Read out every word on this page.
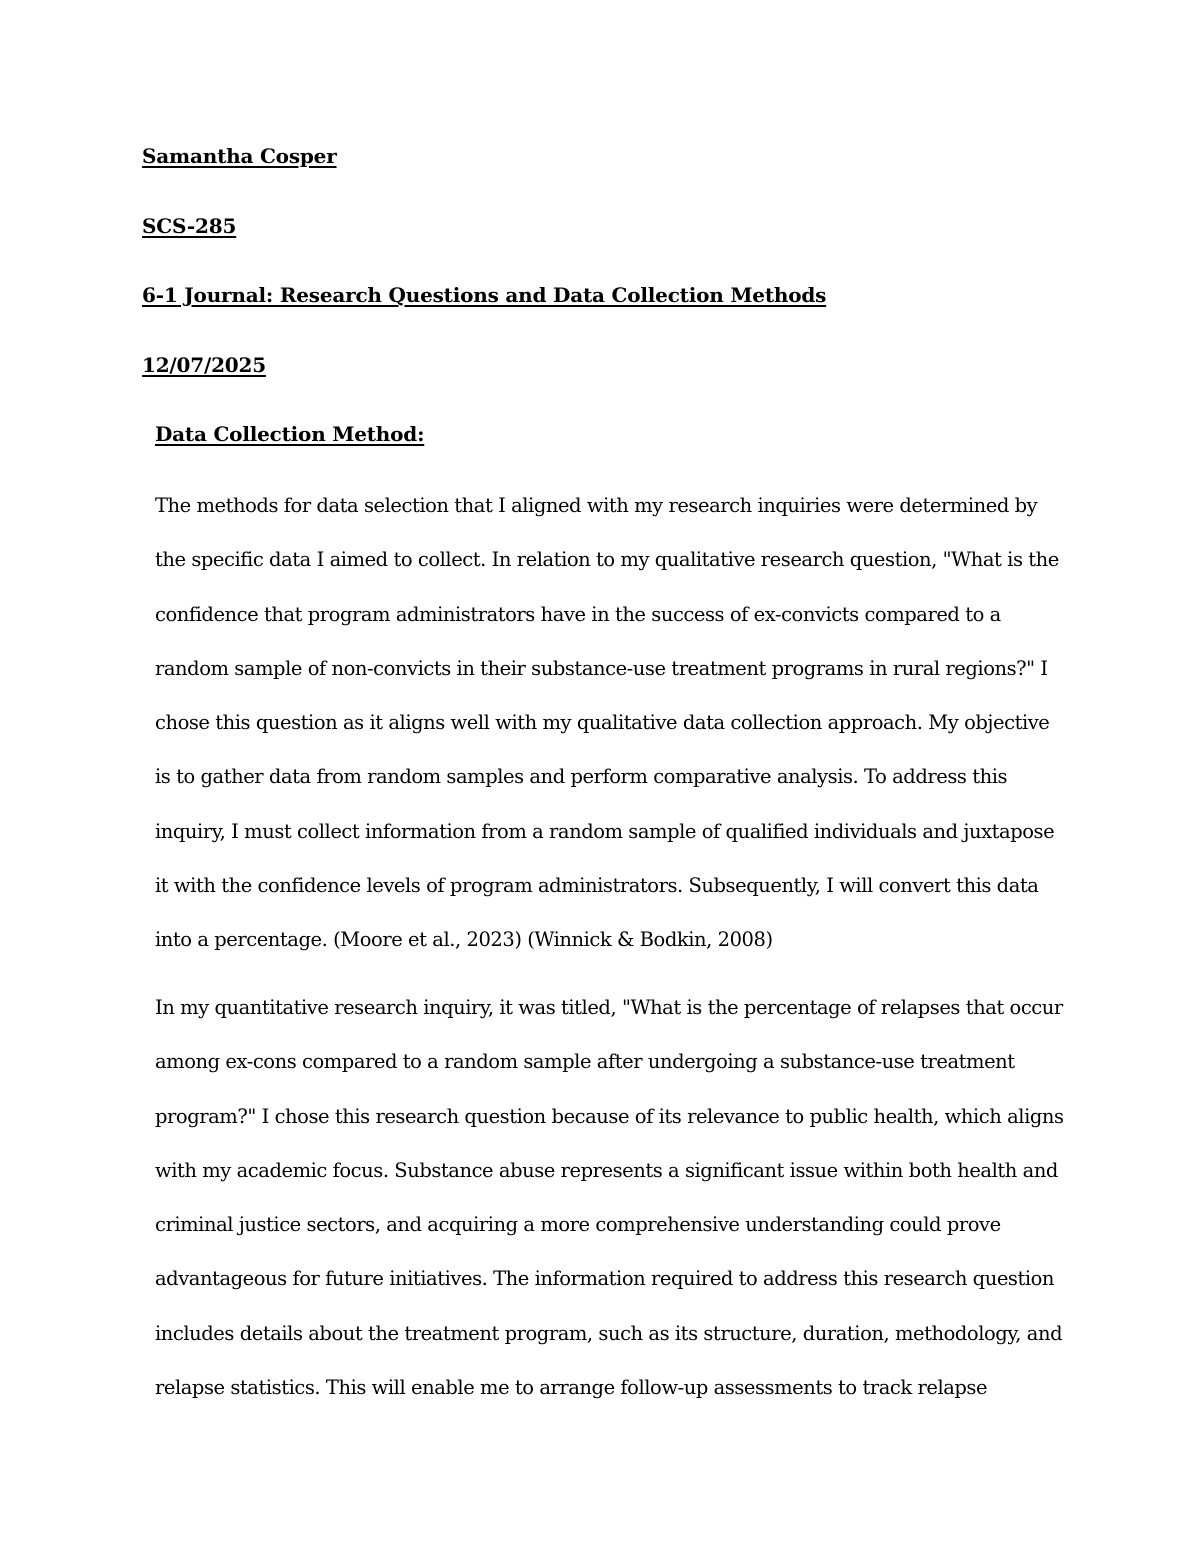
Samantha Cosper
SCS-285
6-1 Journal: Research Questions and Data Collection Methods
12/07/2025
Data Collection Method:
The methods for data selection that I aligned with my research inquiries were determined by
the specific data I aimed to collect. In relation to my qualitative research question, "What is the
confidence that program administrators have in the success of ex-convicts compared to a
random sample of non-convicts in their substance-use treatment programs in rural regions?" I
chose this question as it aligns well with my qualitative data collection approach. My objective
is to gather data from random samples and perform comparative analysis. To address this
inquiry, I must collect information from a random sample of qualified individuals and juxtapose
it with the confidence levels of program administrators. Subsequently, I will convert this data
into a percentage. (Moore et al., 2023) (Winnick & Bodkin, 2008)
In my quantitative research inquiry, it was titled, "What is the percentage of relapses that occur
among ex-cons compared to a random sample after undergoing a substance-use treatment
program?" I chose this research question because of its relevance to public health, which aligns
with my academic focus. Substance abuse represents a significant issue within both health and
criminal justice sectors, and acquiring a more comprehensive understanding could prove
advantageous for future initiatives. The information required to address this research question
includes details about the treatment program, such as its structure, duration, methodology, and
relapse statistics. This will enable me to arrange follow-up assessments to track relapse
